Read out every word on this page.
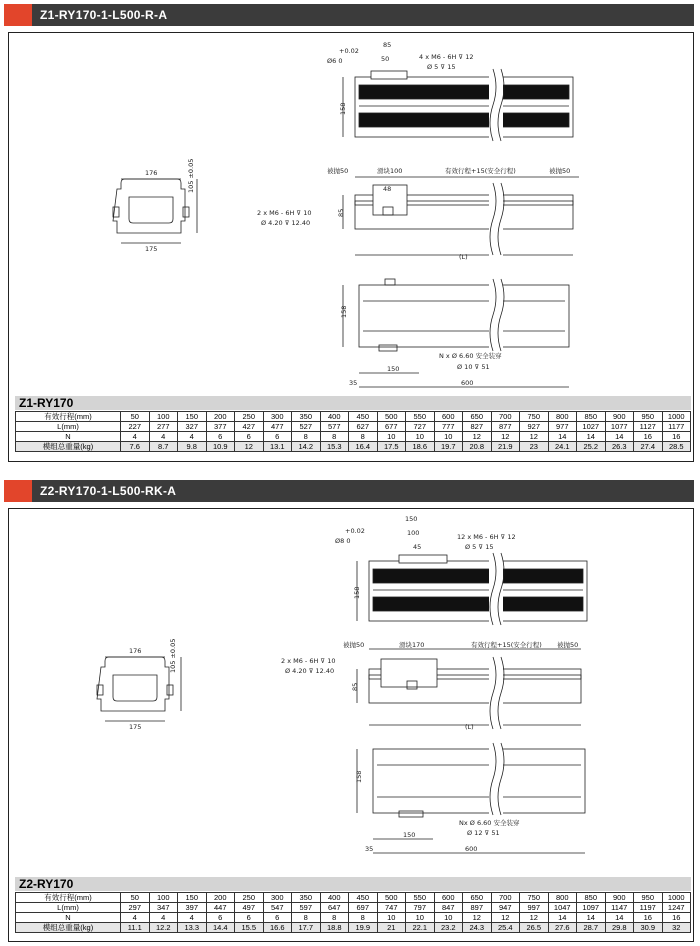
Z1-RY170-1-L500-R-A
176
175
105 ±0.05
+0.02
Ø6 0
85
50	4 x M6 - 6H ⊽ 12
Ø 5 ⊽ 15
158
被抛50	滑块100	有效行程+15(安全行程)	被抛50
48
2 x M6 - 6H ⊽ 10
Ø 4.20 ⊽ 12.40
85
(L)
158
150
600
35
N x Ø 6.60 安全装穿
Ø 10 ⊽ 51
Z1-RY170
有效行程(mm)	50	100	150	200	250	300	350	400	450	500	550	600	650	700	750	800	850	900	950	1000
L(mm)	227	277	327	377	427	477	527	577	627	677	727	777	827	877	927	977	1027	1077	1127	1177
N	4	4	4	6	6	6	8	8	8	10	10	10	12	12	12	14	14	14	16	16
模组总重量(kg)	7.6	8.7	9.8	10.9	12	13.1	14.2	15.3	16.4	17.5	18.6	19.7	20.8	21.9	23	24.1	25.2	26.3	27.4	28.5
Z2-RY170-1-L500-RK-A
176
175
105 ±0.05
+0.02
Ø8 0
150
100
45
12 x M6 - 6H ⊽ 12
Ø 5 ⊽ 15
158
被抛50	滑块170	有效行程+15(安全行程) 被抛50
2 x M6 - 6H ⊽ 10
Ø 4.20 ⊽ 12.40
85
(L)
158
150
600
35
Nx Ø 6.60 安全装穿
Ø 12 ⊽ 51
Z2-RY170
有效行程(mm)	50	100	150	200	250	300	350	400	450	500	550	600	650	700	750	800	850	900	950	1000
L(mm)	297	347	397	447	497	547	597	647	697	747	797	847	897	947	997	1047	1097	1147	1197	1247
N	4	4	4	6	6	6	8	8	8	10	10	10	12	12	12	14	14	14	16	16
模组总重量(kg)	11.1	12.2	13.3	14.4	15.5	16.6	17.7	18.8	19.9	21	22.1	23.2	24.3	25.4	26.5	27.6	28.7	29.8	30.9	32
